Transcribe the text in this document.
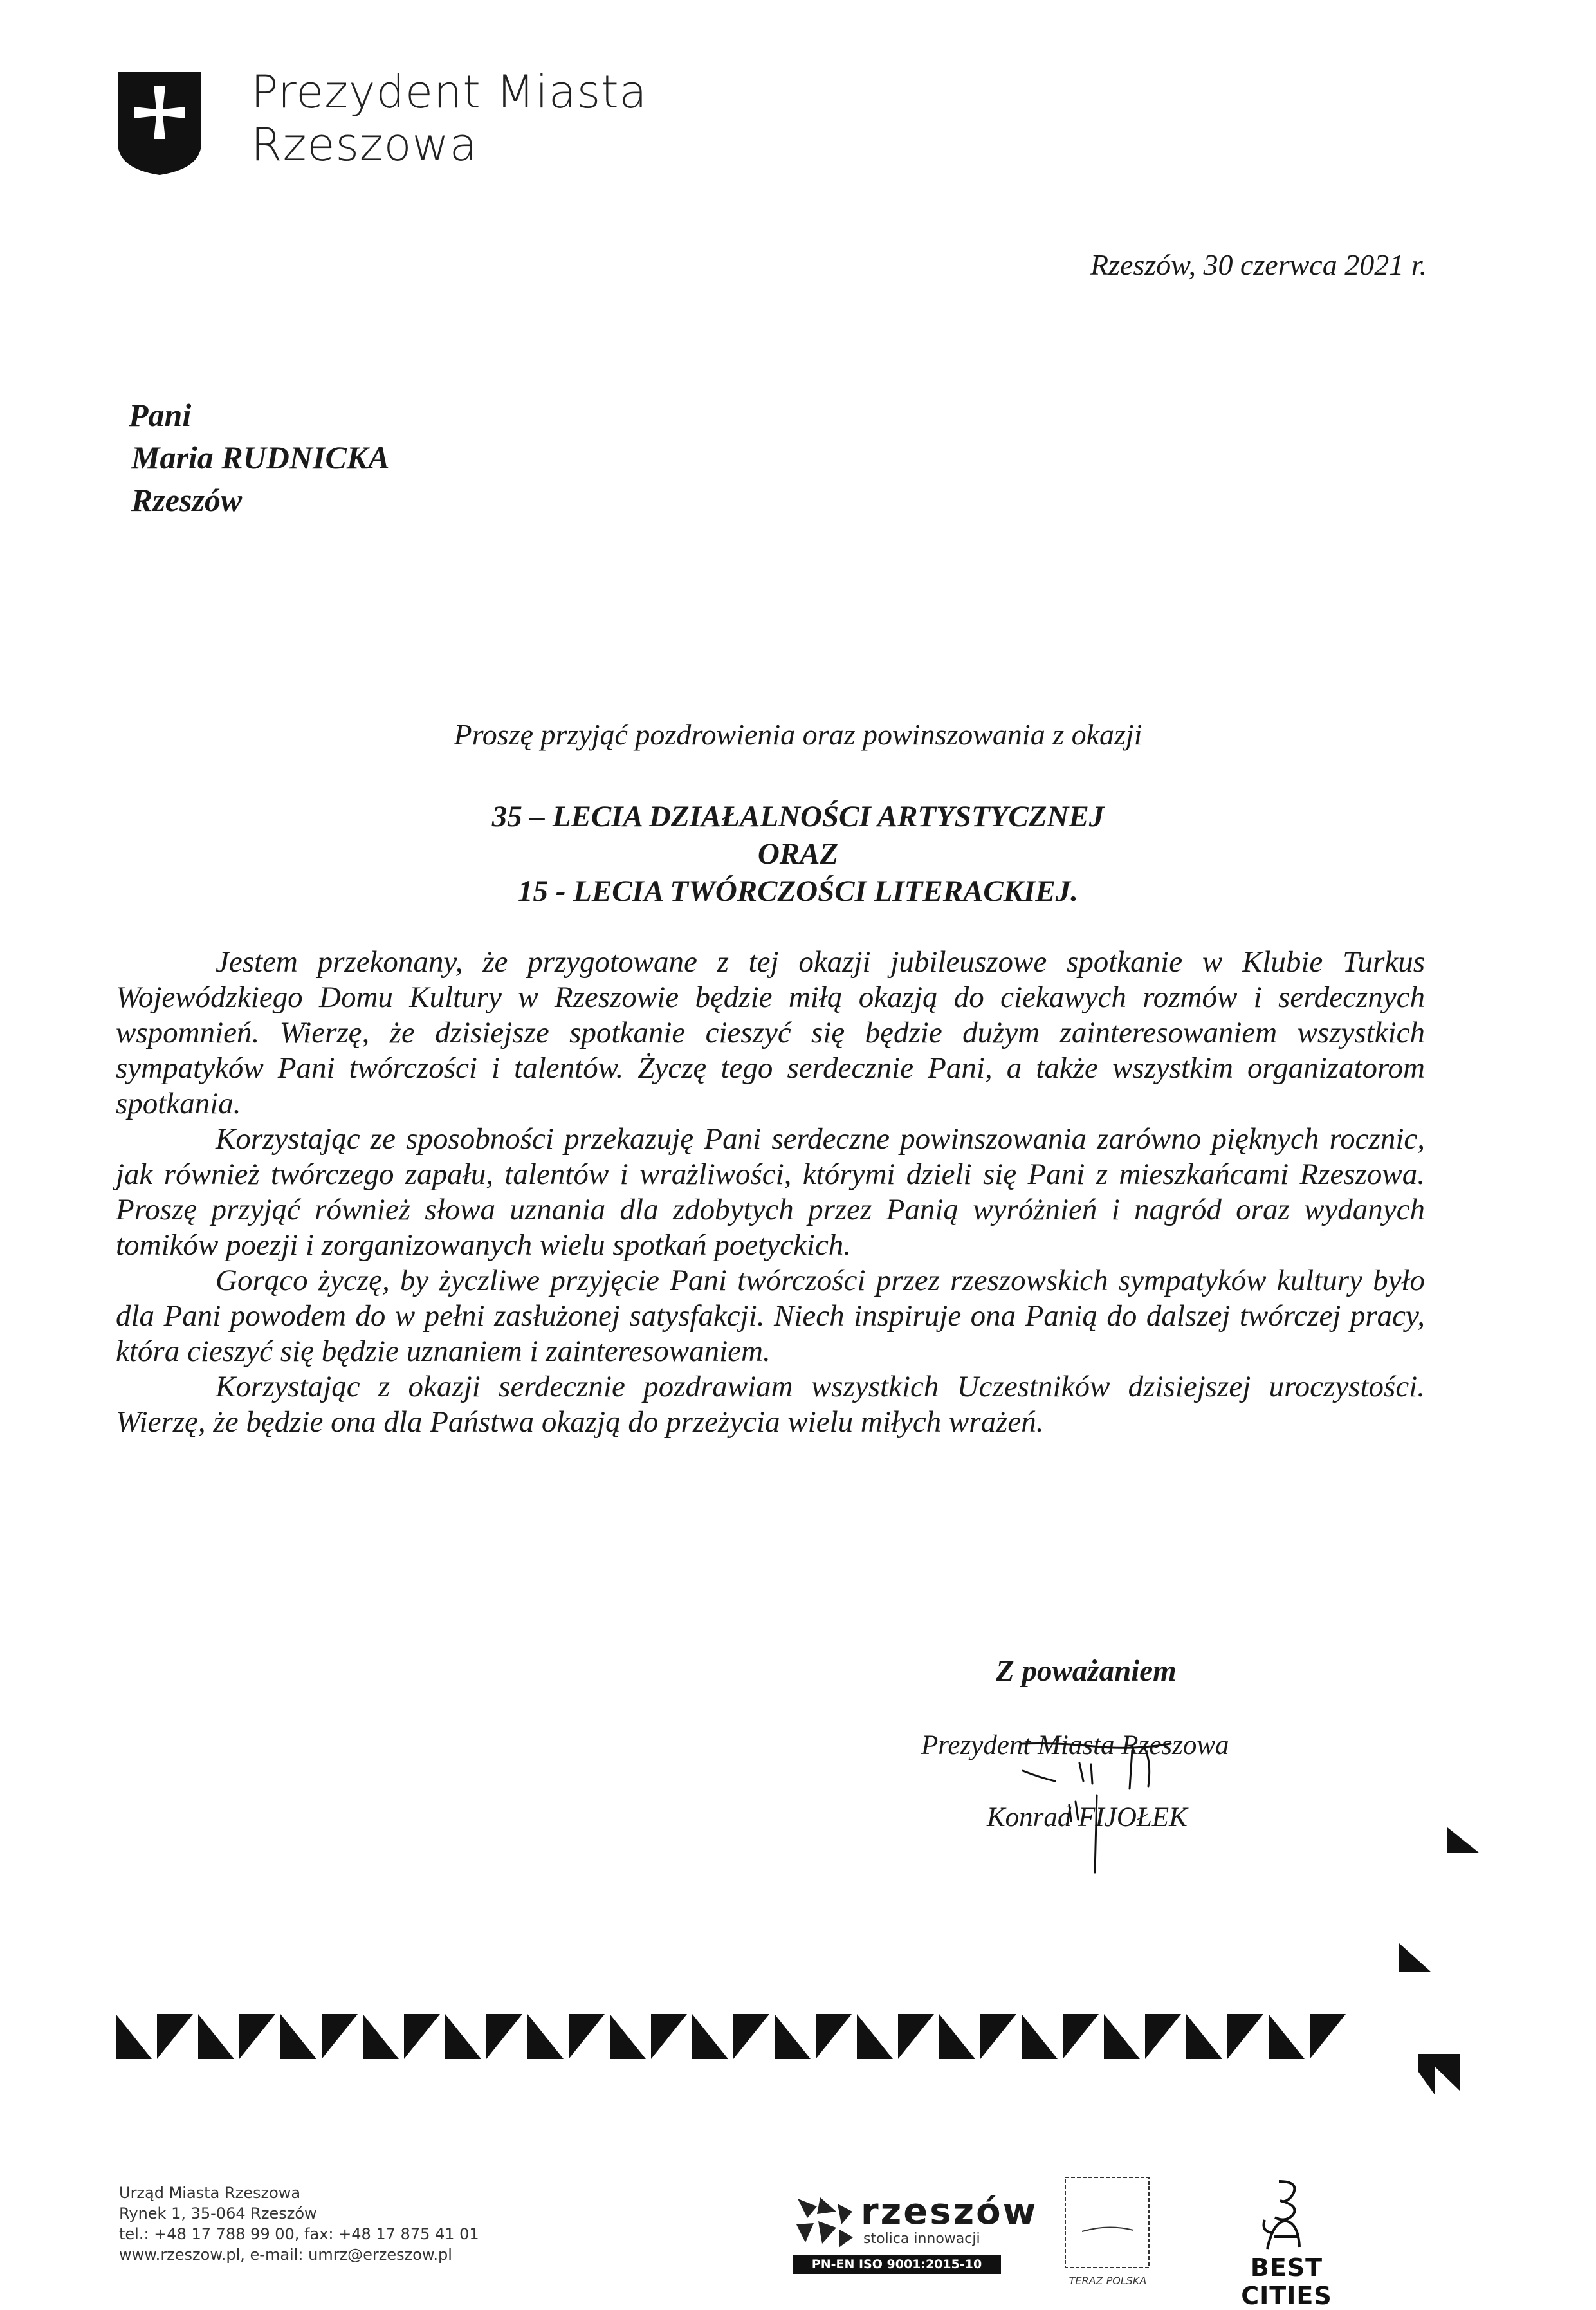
Prezydent Miasta
Rzeszowa
Rzeszów, 30 czerwca 2021 r.
Pani
Maria RUDNICKA
Rzeszów
Proszę przyjąć pozdrowienia oraz powinszowania z okazji
35 – LECIA DZIAŁALNOŚCI ARTYSTYCZNEJ
ORAZ
15 - LECIA TWÓRCZOŚCI LITERACKIEJ.

Jestem przekonany, że przygotowane z tej okazji jubileuszowe spotkanie w Klubie Turkus Wojewódzkiego Domu Kultury w Rzeszowie będzie miłą okazją do ciekawych rozmów i serdecznych wspomnień. Wierzę, że dzisiejsze spotkanie cieszyć się będzie dużym zainteresowaniem wszystkich sympatyków Pani twórczości i talentów. Życzę tego serdecznie Pani, a także wszystkim organizatorom spotkania.

Korzystając ze sposobności przekazuję Pani serdeczne powinszowania zarówno pięknych rocznic, jak również twórczego zapału, talentów i wrażliwości, którymi dzieli się Pani z mieszkańcami Rzeszowa. Proszę przyjąć również słowa uznania dla zdobytych przez Panią wyróżnień i nagród oraz wydanych tomików poezji i zorganizowanych wielu spotkań poetyckich.

Gorąco życzę, by życzliwe przyjęcie Pani twórczości przez rzeszowskich sympatyków kultury było dla Pani powodem do w pełni zasłużonej satysfakcji. Niech inspiruje ona Panią do dalszej twórczej pracy, która cieszyć się będzie uznaniem i zainteresowaniem.

Korzystając z okazji serdecznie pozdrawiam wszystkich Uczestników dzisiejszej uroczystości. Wierzę, że będzie ona dla Państwa okazją do przeżycia wielu miłych wrażeń.

Z poważaniem
Prezydent Miasta Rzeszowa
Konrad FIJOŁEK
Urząd Miasta Rzeszowa
Rynek 1, 35-064 Rzeszów
tel.: +48 17 788 99 00, fax: +48 17 875 41 01
www.rzeszow.pl, e-mail: umrz@erzeszow.pl
rzeszów
stolica innowacji
PN-EN ISO 9001:2015-10
TERAZ POLSKA	BEST CITIES
